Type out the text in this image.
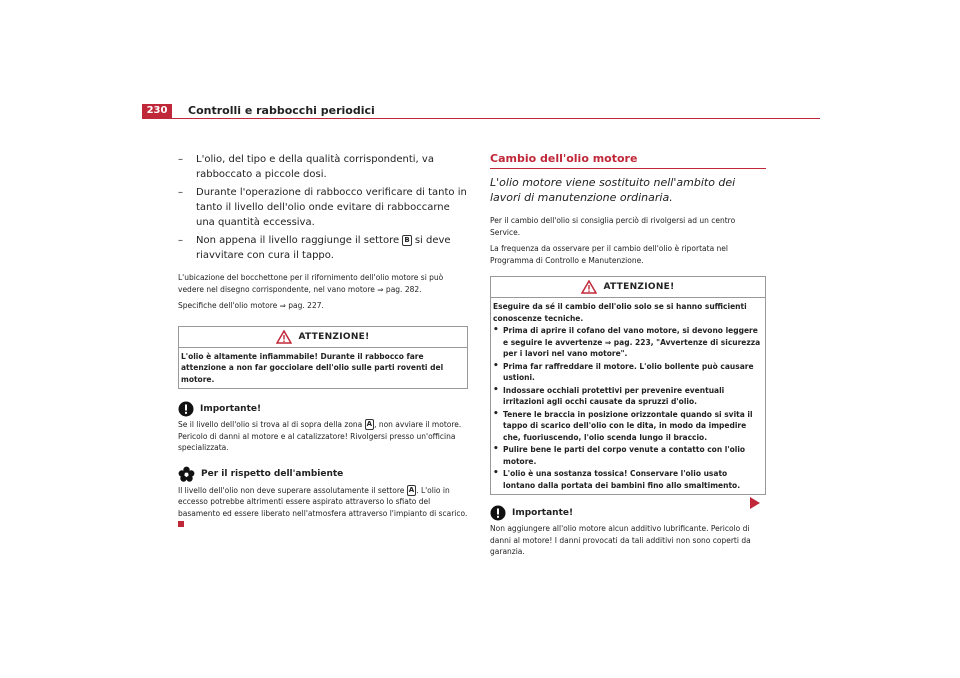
230	Controlli e rabbocchi periodici
– L'olio, del tipo e della qualità corrispondenti, va rabboccato a piccole dosi.
– Durante l'operazione di rabbocco verificare di tanto in tanto il livello dell'olio onde evitare di rabboccarne una quantità eccessiva.
– Non appena il livello raggiunge il settore B si deve riavvitare con cura il tappo.

L'ubicazione del bocchettone per il rifornimento dell'olio motore si può vedere nel disegno corrispondente, nel vano motore ⇒ pag. 282.

Specifiche dell'olio motore ⇒ pag. 227.

ATTENZIONE!
L'olio è altamente infiammabile! Durante il rabbocco fare attenzione a non far gocciolare dell'olio sulle parti roventi del motore.
Importante!

Se il livello dell'olio si trova al di sopra della zona A , non avviare il motore. Pericolo di danni al motore e al catalizzatore! Rivolgersi presso un'officina specializzata.

Per il rispetto dell'ambiente

Il livello dell'olio non deve superare assolutamente il settore A . L'olio in eccesso potrebbe altrimenti essere aspirato attraverso lo sfiato del basamento ed essere liberato nell'atmosfera attraverso l'impianto di scarico.

Cambio dell'olio motore
L'olio motore viene sostituito nell'ambito dei lavori di manutenzione ordinaria.

Per il cambio dell'olio si consiglia perciò di rivolgersi ad un centro Service.

La frequenza da osservare per il cambio dell'olio è riportata nel Programma di Controllo e Manutenzione.

ATTENZIONE!
Eseguire da sé il cambio dell'olio solo se si hanno sufficienti conoscenze tecniche.
• Prima di aprire il cofano del vano motore, si devono leggere e seguire le avvertenze ⇒ pag. 223, "Avvertenze di sicurezza per i lavori nel vano motore".
• Prima far raffreddare il motore. L'olio bollente può causare ustioni.
• Indossare occhiali protettivi per prevenire eventuali irritazioni agli occhi causate da spruzzi d'olio.
• Tenere le braccia in posizione orizzontale quando si svita il tappo di scarico dell'olio con le dita, in modo da impedire che, fuoriuscendo, l'olio scenda lungo il braccio.
• Pulire bene le parti del corpo venute a contatto con l'olio motore.
• L'olio è una sostanza tossica! Conservare l'olio usato lontano dalla portata dei bambini fino allo smaltimento.
Importante!

Non aggiungere all'olio motore alcun additivo lubrificante. Pericolo di danni al motore! I danni provocati da tali additivi non sono coperti da garanzia.
